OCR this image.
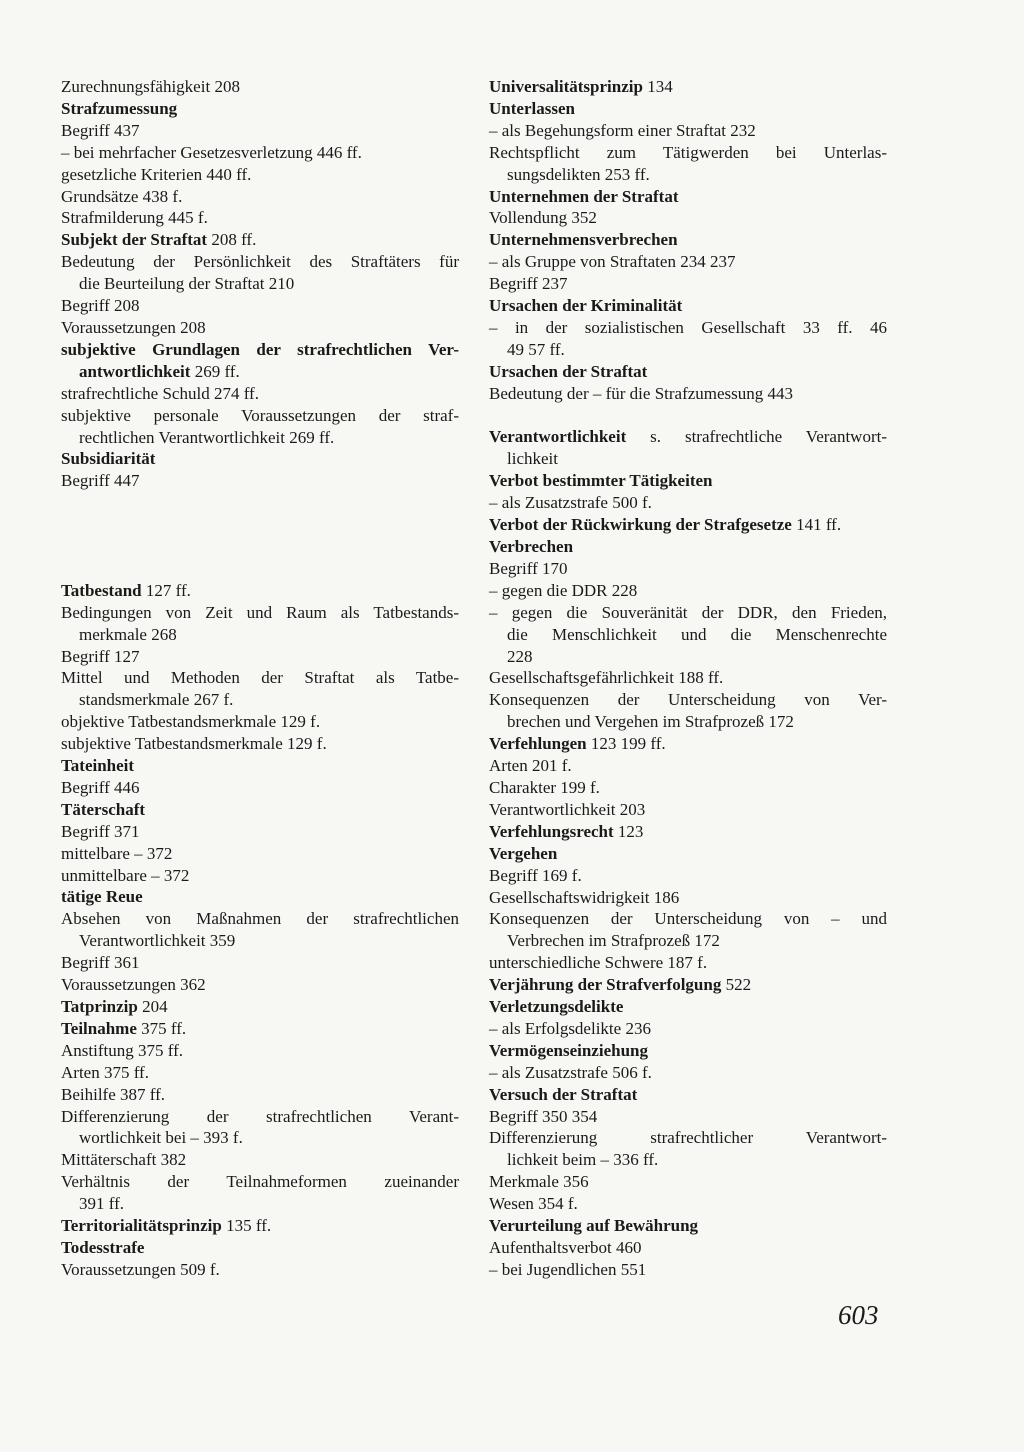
Zurechnungsfähigkeit 208
Strafzumessung
Begriff 437
– bei mehrfacher Gesetzesverletzung 446 ff.
gesetzliche Kriterien 440 ff.
Grundsätze 438 f.
Strafmilderung 445 f.
Subjekt der Straftat 208 ff.
Bedeutung der Persönlichkeit des Straftäters für
die Beurteilung der Straftat 210
Begriff 208
Voraussetzungen 208
subjektive Grundlagen der strafrechtlichen Ver-
antwortlichkeit 269 ff.
strafrechtliche Schuld 274 ff.
subjektive personale Voraussetzungen der straf-
rechtlichen Verantwortlichkeit 269 ff.
Subsidiarität
Begriff 447
Tatbestand 127 ff.
Bedingungen von Zeit und Raum als Tatbestands-
merkmale 268
Begriff 127
Mittel und Methoden der Straftat als Tatbe-
standsmerkmale 267 f.
objektive Tatbestandsmerkmale 129 f.
subjektive Tatbestandsmerkmale 129 f.
Tateinheit
Begriff 446
Täterschaft
Begriff 371
mittelbare – 372
unmittelbare – 372
tätige Reue
Absehen von Maßnahmen der strafrechtlichen
Verantwortlichkeit 359
Begriff 361
Voraussetzungen 362
Tatprinzip 204
Teilnahme 375 ff.
Anstiftung 375 ff.
Arten 375 ff.
Beihilfe 387 ff.
Differenzierung der strafrechtlichen Verant-
wortlichkeit bei – 393 f.
Mittäterschaft 382
Verhältnis der Teilnahmeformen zueinander
391 ff.
Territorialitätsprinzip 135 ff.
Todesstrafe
Voraussetzungen 509 f.
Universalitätsprinzip 134
Unterlassen
– als Begehungsform einer Straftat 232
Rechtspflicht zum Tätigwerden bei Unterlas-
sungsdelikten 253 ff.
Unternehmen der Straftat
Vollendung 352
Unternehmensverbrechen
– als Gruppe von Straftaten 234 237
Begriff 237
Ursachen der Kriminalität
– in der sozialistischen Gesellschaft 33 ff. 46
49 57 ff.
Ursachen der Straftat
Bedeutung der – für die Strafzumessung 443
Verantwortlichkeit s. strafrechtliche Verantwort-
lichkeit
Verbot bestimmter Tätigkeiten
– als Zusatzstrafe 500 f.
Verbot der Rückwirkung der Strafgesetze 141 ff.
Verbrechen
Begriff 170
– gegen die DDR 228
– gegen die Souveränität der DDR, den Frieden,
die Menschlichkeit und die Menschenrechte
228
Gesellschaftsgefährlichkeit 188 ff.
Konsequenzen der Unterscheidung von Ver-
brechen und Vergehen im Strafprozeß 172
Verfehlungen 123 199 ff.
Arten 201 f.
Charakter 199 f.
Verantwortlichkeit 203
Verfehlungsrecht 123
Vergehen
Begriff 169 f.
Gesellschaftswidrigkeit 186
Konsequenzen der Unterscheidung von – und
Verbrechen im Strafprozeß 172
unterschiedliche Schwere 187 f.
Verjährung der Strafverfolgung 522
Verletzungsdelikte
– als Erfolgsdelikte 236
Vermögenseinziehung
– als Zusatzstrafe 506 f.
Versuch der Straftat
Begriff 350 354
Differenzierung strafrechtlicher Verantwort-
lichkeit beim – 336 ff.
Merkmale 356
Wesen 354 f.
Verurteilung auf Bewährung
Aufenthaltsverbot 460
– bei Jugendlichen 551
603
